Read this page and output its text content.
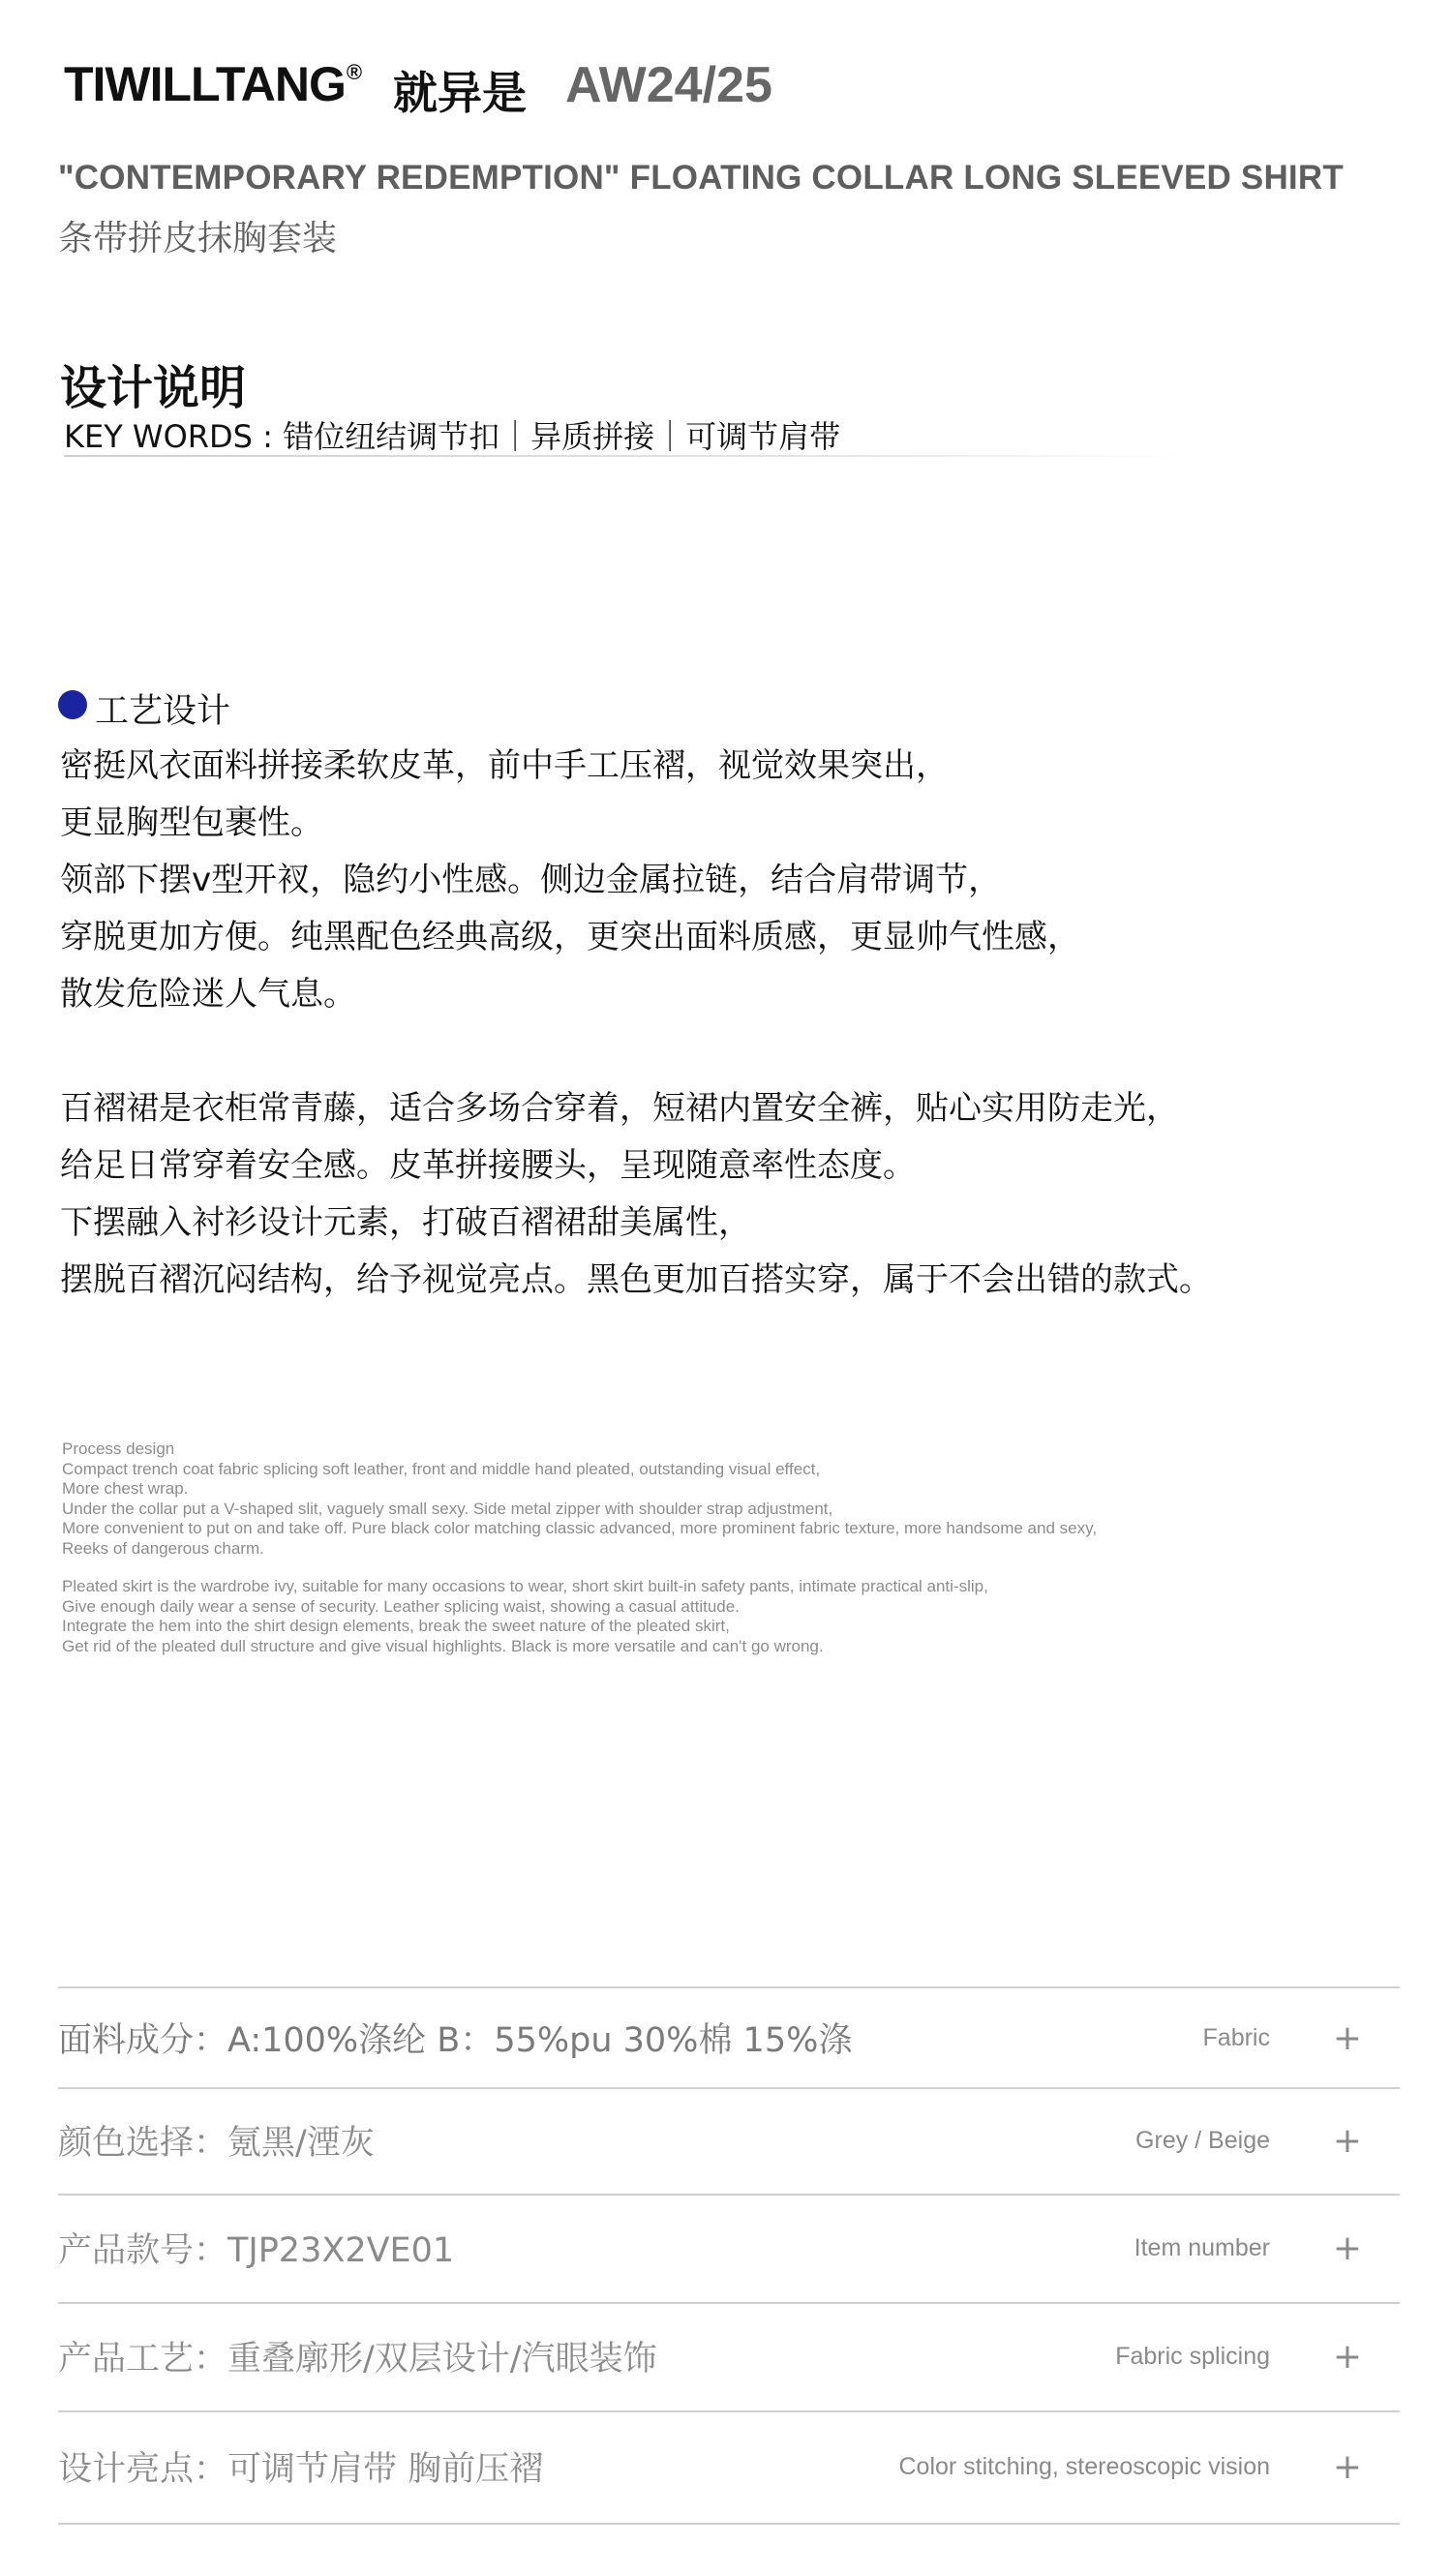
TIWILLTANG® 就异是 AW24/25
"CONTEMPORARY REDEMPTION" FLOATING COLLAR LONG SLEEVED SHIRT
条带拼皮抹胸套装
设计说明
KEY WORDS : 错位纽结调节扣｜异质拼接｜可调节肩带
工艺设计
密挺风衣面料拼接柔软皮革，前中手工压褶，视觉效果突出，
更显胸型包裹性。
领部下摆v型开衩，隐约小性感。侧边金属拉链，结合肩带调节，
穿脱更加方便。纯黑配色经典高级，更突出面料质感，更显帅气性感，
散发危险迷人气息。
百褶裙是衣柜常青藤，适合多场合穿着，短裙内置安全裤，贴心实用防走光，
给足日常穿着安全感。皮革拼接腰头，呈现随意率性态度。
下摆融入衬衫设计元素，打破百褶裙甜美属性，
摆脱百褶沉闷结构，给予视觉亮点。黑色更加百搭实穿，属于不会出错的款式。
Process design
Compact trench coat fabric splicing soft leather, front and middle hand pleated, outstanding visual effect,
More chest wrap.
Under the collar put a V-shaped slit, vaguely small sexy. Side metal zipper with shoulder strap adjustment,
More convenient to put on and take off. Pure black color matching classic advanced, more prominent fabric texture, more handsome and sexy,
Reeks of dangerous charm.
Pleated skirt is the wardrobe ivy, suitable for many occasions to wear, short skirt built-in safety pants, intimate practical anti-slip,
Give enough daily wear a sense of security. Leather splicing waist, showing a casual attitude.
Integrate the hem into the shirt design elements, break the sweet nature of the pleated skirt,
Get rid of the pleated dull structure and give visual highlights. Black is more versatile and can't go wrong.
面料成分：A:100%涤纶 B：55%pu 30%棉 15%涤	Fabric +
颜色选择：氪黑/湮灰	Grey / Beige +
产品款号：TJP23X2VE01	Item number +
产品工艺：重叠廓形/双层设计/汽眼装饰	Fabric splicing +
设计亮点：可调节肩带 胸前压褶	Color stitching, stereoscopic vision +
